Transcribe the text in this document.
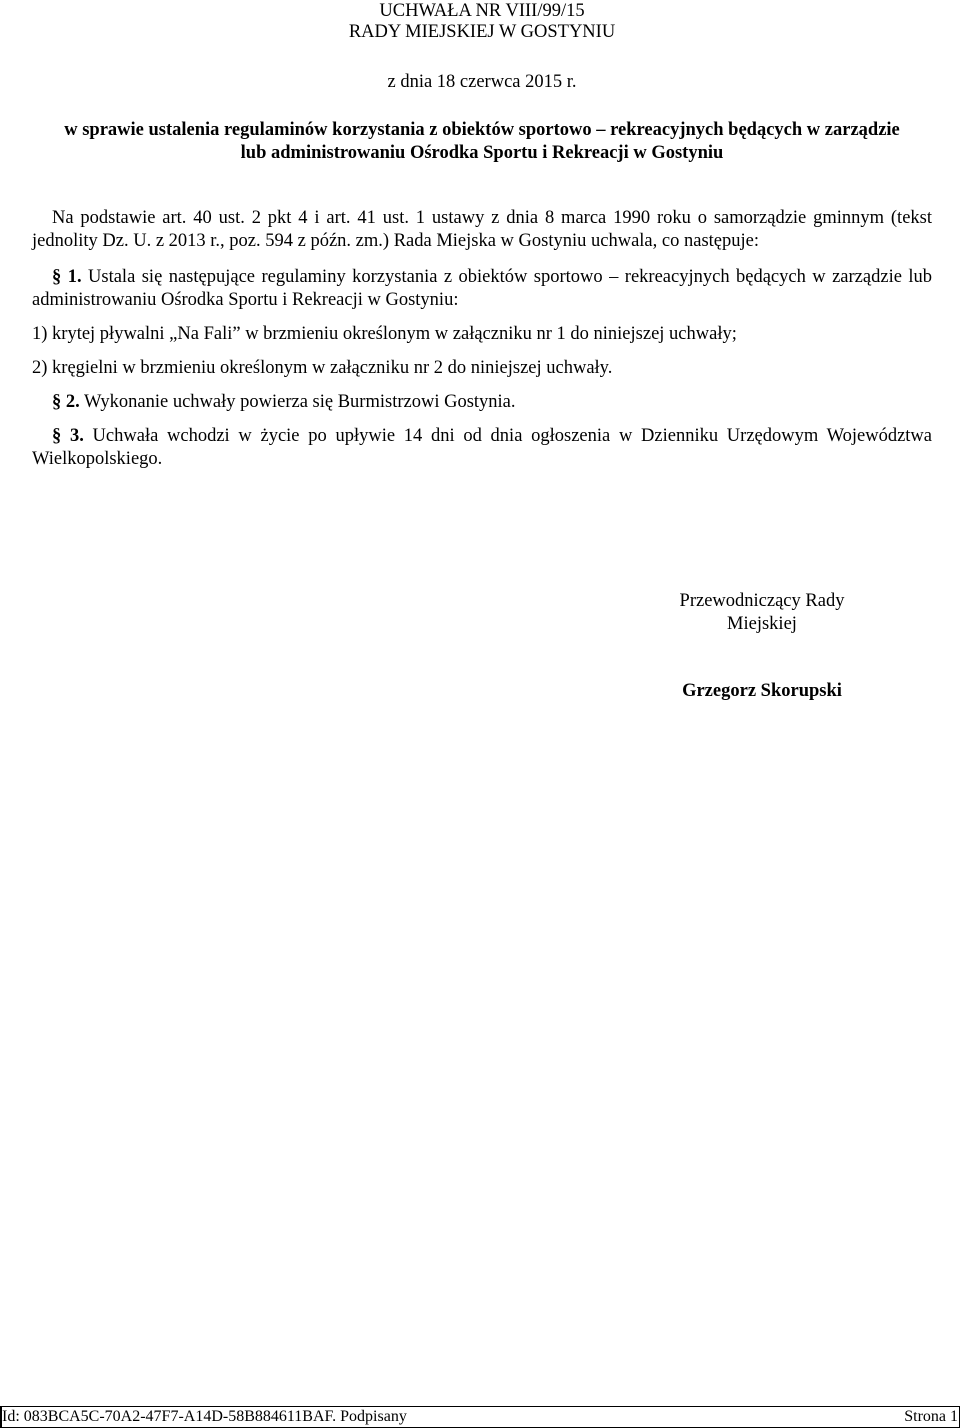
UCHWAŁA NR VIII/99/15
RADY MIEJSKIEJ W GOSTYNIU
z dnia 18 czerwca 2015 r.
w sprawie ustalenia regulaminów korzystania z obiektów sportowo – rekreacyjnych będących w zarządzie
lub administrowaniu Ośrodka Sportu i Rekreacji w Gostyniu
Na podstawie art. 40 ust. 2 pkt 4 i art. 41 ust. 1 ustawy z dnia 8 marca 1990 roku o samorządzie gminnym (tekst jednolity Dz. U. z 2013 r., poz. 594 z późn. zm.) Rada Miejska w Gostyniu uchwala, co następuje:
§ 1. Ustala się następujące regulaminy korzystania z obiektów sportowo – rekreacyjnych będących w zarządzie lub administrowaniu Ośrodka Sportu i Rekreacji w Gostyniu:
1) krytej pływalni „Na Fali” w brzmieniu określonym w załączniku nr 1 do niniejszej uchwały;
2) kręgielni w brzmieniu określonym w załączniku nr 2 do niniejszej uchwały.
§ 2. Wykonanie uchwały powierza się Burmistrzowi Gostynia.
§ 3. Uchwała wchodzi w życie po upływie 14 dni od dnia ogłoszenia w Dzienniku Urzędowym Województwa Wielkopolskiego.
Przewodniczący Rady
Miejskiej
Grzegorz Skorupski
Id: 083BCA5C-70A2-47F7-A14D-58B884611BAF. Podpisany	Strona 1
